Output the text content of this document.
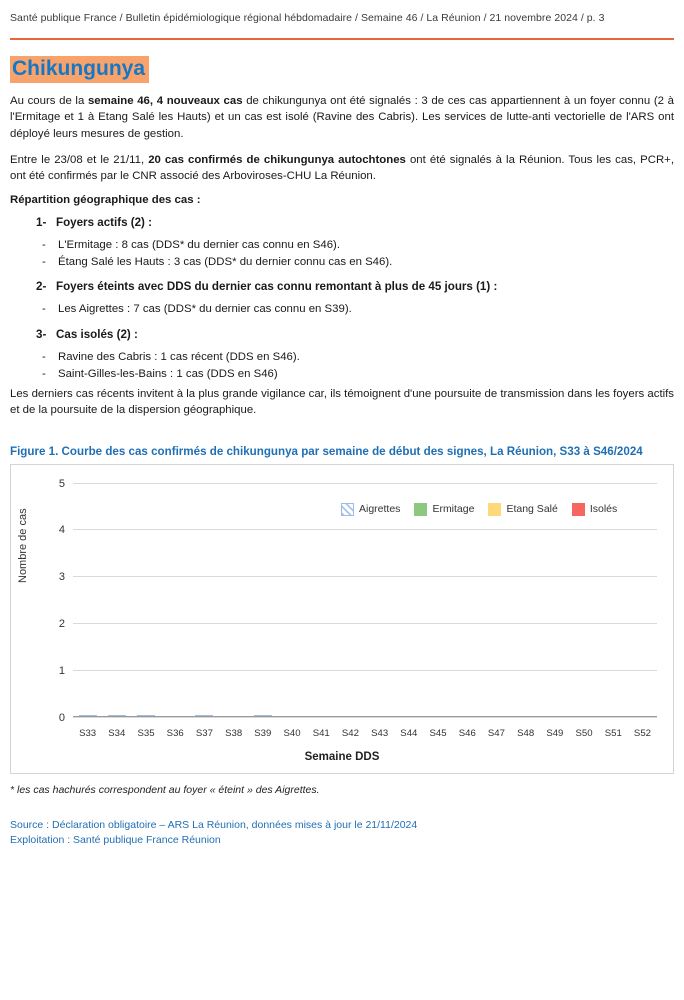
Santé publique France / Bulletin épidémiologique régional hébdomadaire / Semaine 46 / La Réunion / 21 novembre 2024 / p. 3
Chikungunya

Au cours de la semaine 46, 4 nouveaux cas de chikungunya ont été signalés : 3 de ces cas appartiennent à un foyer connu (2 à l'Ermitage et 1 à Etang Salé les Hauts) et un cas est isolé (Ravine des Cabris). Les services de lutte-anti vectorielle de l'ARS ont déployé leurs mesures de gestion.

Entre le 23/08 et le 21/11, 20 cas confirmés de chikungunya autochtones ont été signalés à la Réunion. Tous les cas, PCR+, ont été confirmés par le CNR associé des Arboviroses-CHU La Réunion.

Répartition géographique des cas :
1- Foyers actifs (2) :
- L'Ermitage : 8 cas (DDS* du dernier cas connu en S46).
- Étang Salé les Hauts : 3 cas (DDS* du dernier connu cas en S46).
2- Foyers éteints avec DDS du dernier cas connu remontant à plus de 45 jours (1) :
- Les Aigrettes : 7 cas (DDS* du dernier cas connu en S39).
3- Cas isolés (2) :
- Ravine des Cabris : 1 cas récent (DDS en S46).
- Saint-Gilles-les-Bains : 1 cas (DDS en S46)

Les derniers cas récents invitent à la plus grande vigilance car, ils témoignent d'une poursuite de transmission dans les foyers actifs et de la poursuite de la dispersion géographique.

Figure 1. Courbe des cas confirmés de chikungunya par semaine de début des signes, La Réunion, S33 à S46/2024
Nombre de cas	Aigrettes	Ermitage	Etang Salé	Isolés
0
1
2
3
4
5
S33	S34	S35	S36	S37	S38	S39	S40	S41	S42	S43	S44	S45	S46	S47	S48	S49	S50	S51	S52
Semaine DDS
* les cas hachurés correspondent au foyer « éteint » des Aigrettes.
Source : Déclaration obligatoire – ARS La Réunion, données mises à jour le 21/11/2024
Exploitation : Santé publique France Réunion
